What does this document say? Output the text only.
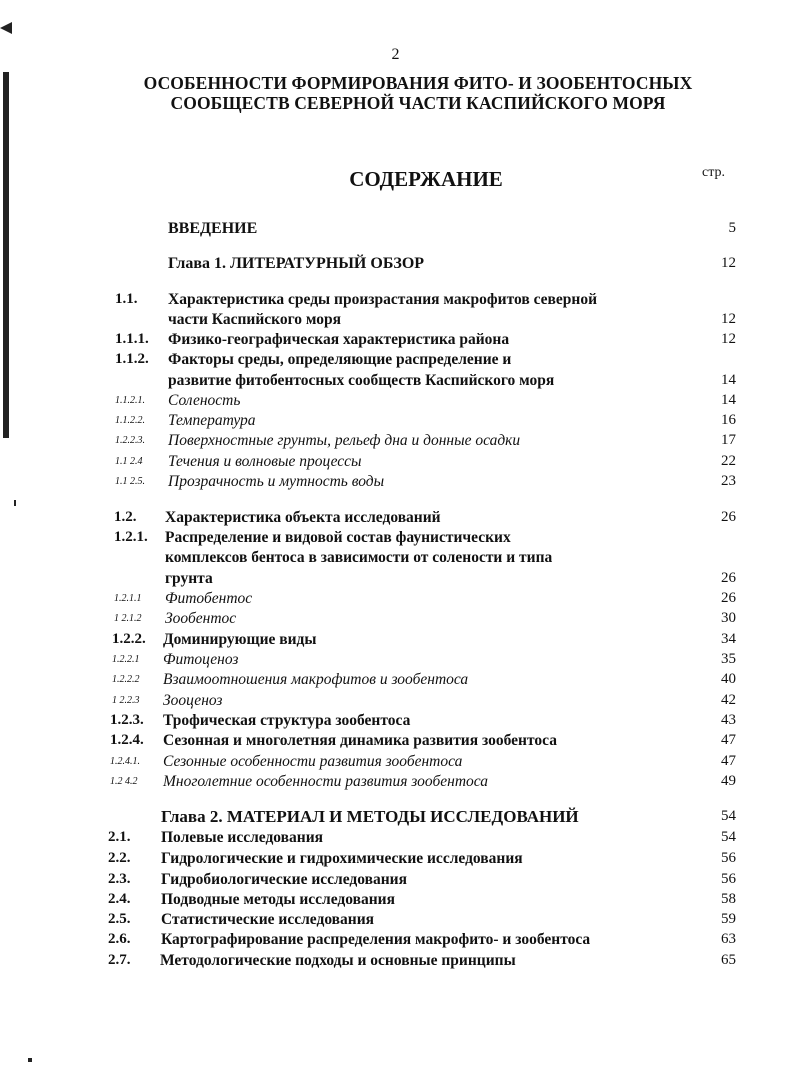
2
ОСОБЕННОСТИ ФОРМИРОВАНИЯ ФИТО- И ЗООБЕНТОСНЫХ
СООБЩЕСТВ СЕВЕРНОЙ ЧАСТИ КАСПИЙСКОГО МОРЯ
СОДЕРЖАНИЕ	стр.
ВВЕДЕНИЕ	5
Глава 1. ЛИТЕРАТУРНЫЙ ОБЗОР	12
1.1. Характеристика среды произрастания макрофитов северной
части Каспийского моря	12
1.1.1. Физико-географическая характеристика района	12
1.1.2. Факторы среды, определяющие распределение и
развитие фитобентосных сообществ Каспийского моря	14
1.1.2.1. Соленость	14
1.1.2.2. Температура	16
1.2.2.3. Поверхностные грунты, рельеф дна и донные осадки	17
1.1 2.4 Течения и волновые процессы	22
1.1 2.5. Прозрачность и мутность воды	23
1.2. Характеристика объекта исследований	26
1.2.1. Распределение и видовой состав фаунистических
комплексов бентоса в зависимости от солености и типа
грунта	26
1.2.1.1 Фитобентос	26
1 2.1.2 Зообентос	30
1.2.2. Доминирующие виды	34
1.2.2.1 Фитоценоз	35
1.2.2.2 Взаимоотношения макрофитов и зообентоса	40
1 2.2.3 Зооценоз	42
1.2.3. Трофическая структура зообентоса	43
1.2.4. Сезонная и многолетняя динамика развития зообентоса	47
1.2.4.1. Сезонные особенности развития зообентоса	47
1.2 4.2 Многолетние особенности развития зообентоса	49
Глава 2. МАТЕРИАЛ И МЕТОДЫ ИССЛЕДОВАНИЙ	54
2.1. Полевые исследования	54
2.2. Гидрологические и гидрохимические исследования	56
2.3. Гидробиологические исследования	56
2.4. Подводные методы исследования	58
2.5. Статистические исследования	59
2.6. Картографирование распределения макрофито- и зообентоса	63
2.7. Методологические подходы и основные принципы	65
